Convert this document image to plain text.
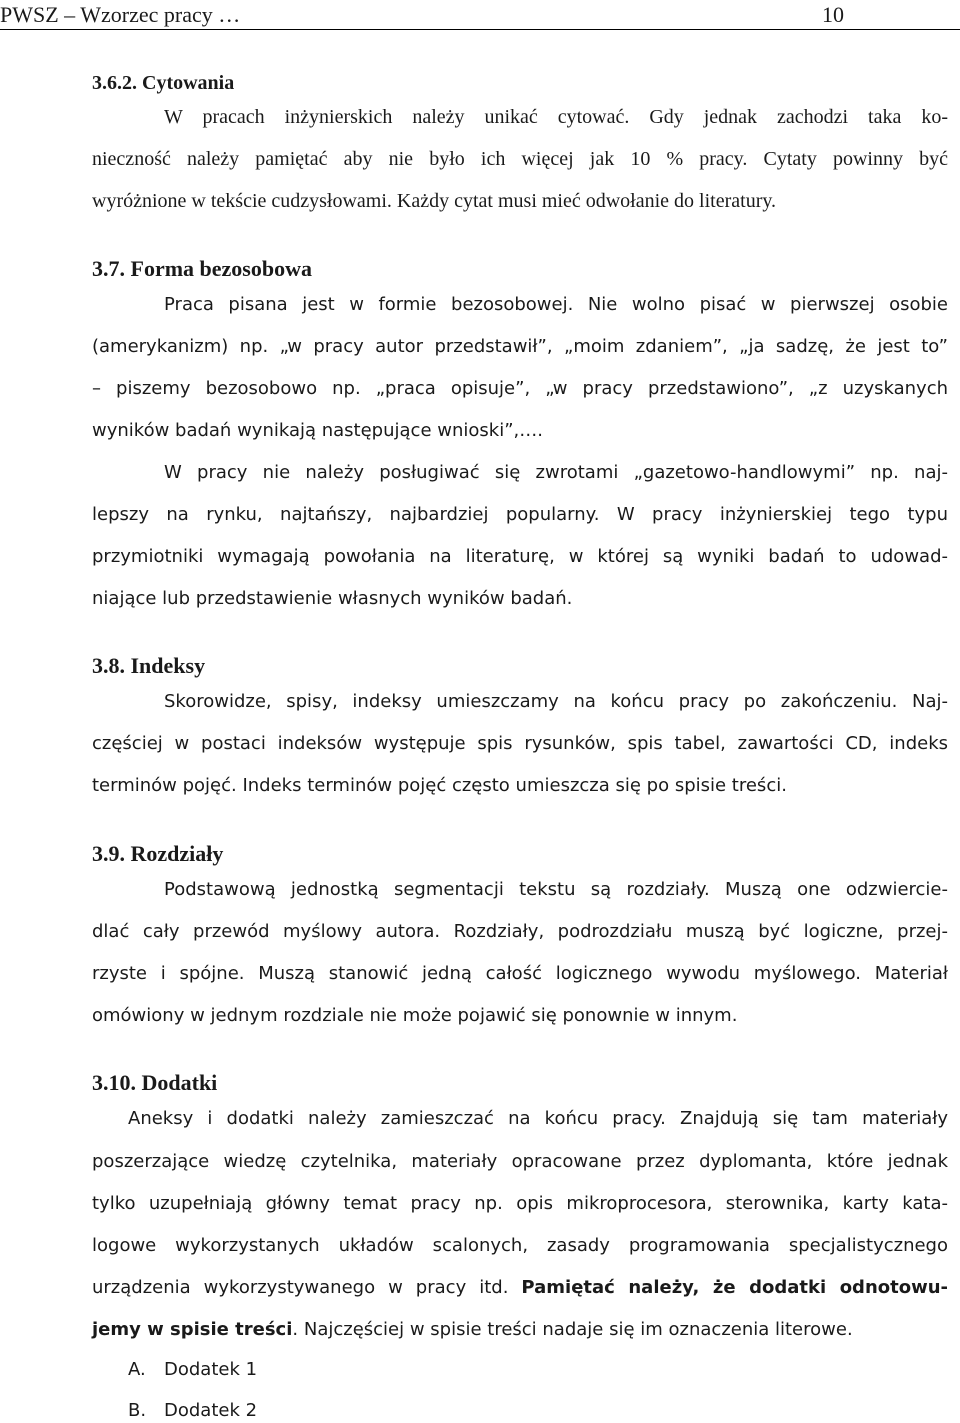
PWSZ – Wzorzec pracy …	10
3.6.2. Cytowania
W pracach inżynierskich należy unikać cytować. Gdy jednak zachodzi taka ko-
nieczność należy pamiętać aby nie było ich więcej jak 10 % pracy. Cytaty powinny być
wyróżnione w tekście cudzysłowami. Każdy cytat musi mieć odwołanie do literatury.
3.7. Forma bezosobowa
Praca pisana jest w formie bezosobowej. Nie wolno pisać w pierwszej osobie
(amerykanizm) np. „w pracy autor przedstawił”, „moim zdaniem”, „ja sadzę, że jest to”
– piszemy bezosobowo np. „praca opisuje”, „w pracy przedstawiono”, „z uzyskanych
wyników badań wynikają następujące wnioski”,….
W pracy nie należy posługiwać się zwrotami „gazetowo-handlowymi” np. naj-
lepszy na rynku, najtańszy, najbardziej popularny. W pracy inżynierskiej tego typu
przymiotniki wymagają powołania na literaturę, w której są wyniki badań to udowad-
niające lub przedstawienie własnych wyników badań.
3.8. Indeksy
Skorowidze, spisy, indeksy umieszczamy na końcu pracy po zakończeniu. Naj-
częściej w postaci indeksów występuje spis rysunków, spis tabel, zawartości CD, indeks
terminów pojęć. Indeks terminów pojęć często umieszcza się po spisie treści.
3.9. Rozdziały
Podstawową jednostką segmentacji tekstu są rozdziały. Muszą one odzwiercie-
dlać cały przewód myślowy autora. Rozdziały, podrozdziału muszą być logiczne, przej-
rzyste i spójne. Muszą stanowić jedną całość logicznego wywodu myślowego. Materiał
omówiony w jednym rozdziale nie może pojawić się ponownie w innym.
3.10. Dodatki
Aneksy i dodatki należy zamieszczać na końcu pracy. Znajdują się tam materiały
poszerzające wiedzę czytelnika, materiały opracowane przez dyplomanta, które jednak
tylko uzupełniają główny temat pracy np. opis mikroprocesora, sterownika, karty kata-
logowe wykorzystanych układów scalonych, zasady programowania specjalistycznego
urządzenia wykorzystywanego w pracy itd. Pamiętać należy, że dodatki odnotowu-
jemy w spisie treści. Najczęściej w spisie treści nadaje się im oznaczenia literowe.
A. Dodatek 1
B. Dodatek 2
